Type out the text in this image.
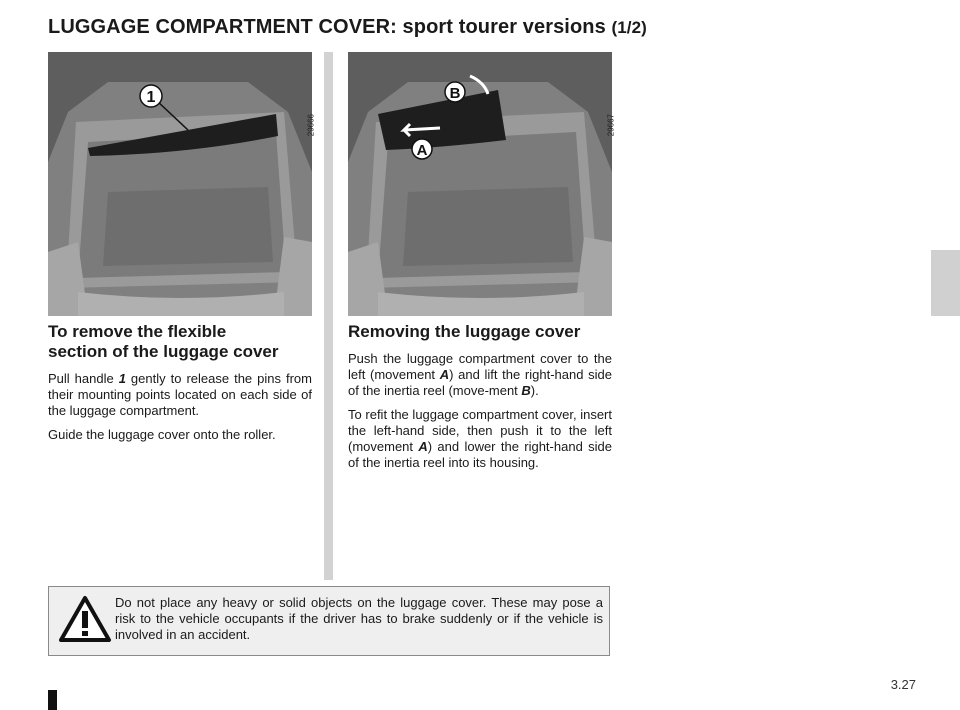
LUGGAGE COMPARTMENT COVER: sport tourer versions (1/2)
1
29666
B
A
29667
To remove the flexible
section of the luggage cover

Pull handle 1 gently to release the pins from their mounting points located on each side of the luggage compartment.

Guide the luggage cover onto the roller.

Removing the luggage cover

Push the luggage compartment cover to the left (movement A) and lift the right-hand side of the inertia reel (move-ment B).

To refit the luggage compartment cover, insert the left-hand side, then push it to the left (movement A) and lower the right-hand side of the inertia reel into its housing.

Do not place any heavy or solid objects on the luggage cover. These may pose a risk to the vehicle occupants if the driver has to brake suddenly or if the vehicle is involved in an accident.

3.27
